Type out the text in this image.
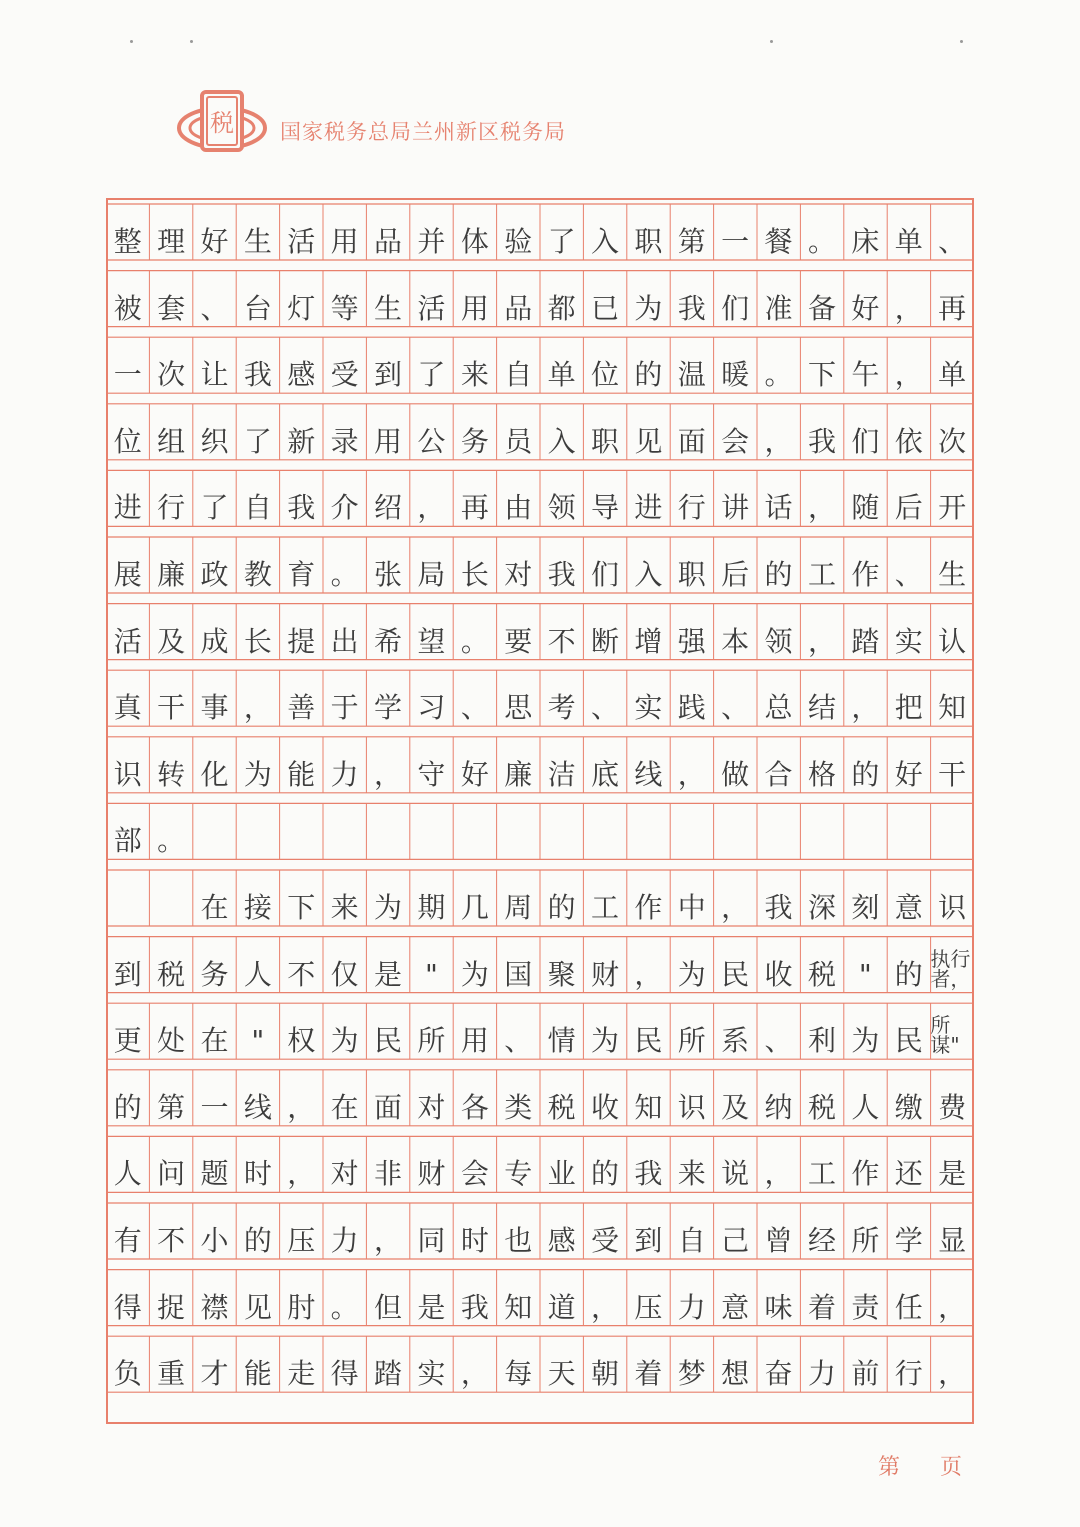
税 国家税务总局兰州新区税务局
整 理 好 生 活 用 品 并 体 验 了 入 职 第 一 餐 。 床 单 、
被 套 、 台 灯 等 生 活 用 品 都 已 为 我 们 准 备 好 ， 再
一 次 让 我 感 受 到 了 来 自 单 位 的 温 暖 。 下 午 ， 单
位 组 织 了 新 录 用 公 务 员 入 职 见 面 会 ， 我 们 依 次
进 行 了 自 我 介 绍 ， 再 由 领 导 进 行 讲 话 ， 随 后 开
展 廉 政 教 育 。 张 局 长 对 我 们 入 职 后 的 工 作 、 生
活 及 成 长 提 出 希 望 。 要 不 断 增 强 本 领 ， 踏 实 认
真 干 事 ， 善 于 学 习 、 思 考 、 实 践 、 总 结 ， 把 知
识 转 化 为 能 力 ， 守 好 廉 洁 底 线 ， 做 合 格 的 好 干
部 。

在 接 下 来 为 期 几 周 的 工 作 中 ， 我 深 刻 意 识
到 税 务 人 不 仅 是 " 为 国 聚 财 ， 为 民 收 税 " 的 执行者，
更 处 在 " 权 为 民 所 用 、 情 为 民 所 系 、 利 为 民 所谋"
的 第 一 线 ， 在 面 对 各 类 税 收 知 识 及 纳 税 人 缴 费
人 问 题 时 ， 对 非 财 会 专 业 的 我 来 说 ， 工 作 还 是
有 不 小 的 压 力 ， 同 时 也 感 受 到 自 己 曾 经 所 学 显
得 捉 襟 见 肘 。 但 是 我 知 道 ， 压 力 意 味 着 责 任 ，
负 重 才 能 走 得 踏 实 ， 每 天 朝 着 梦 想 奋 力 前 行 ，
第 页
